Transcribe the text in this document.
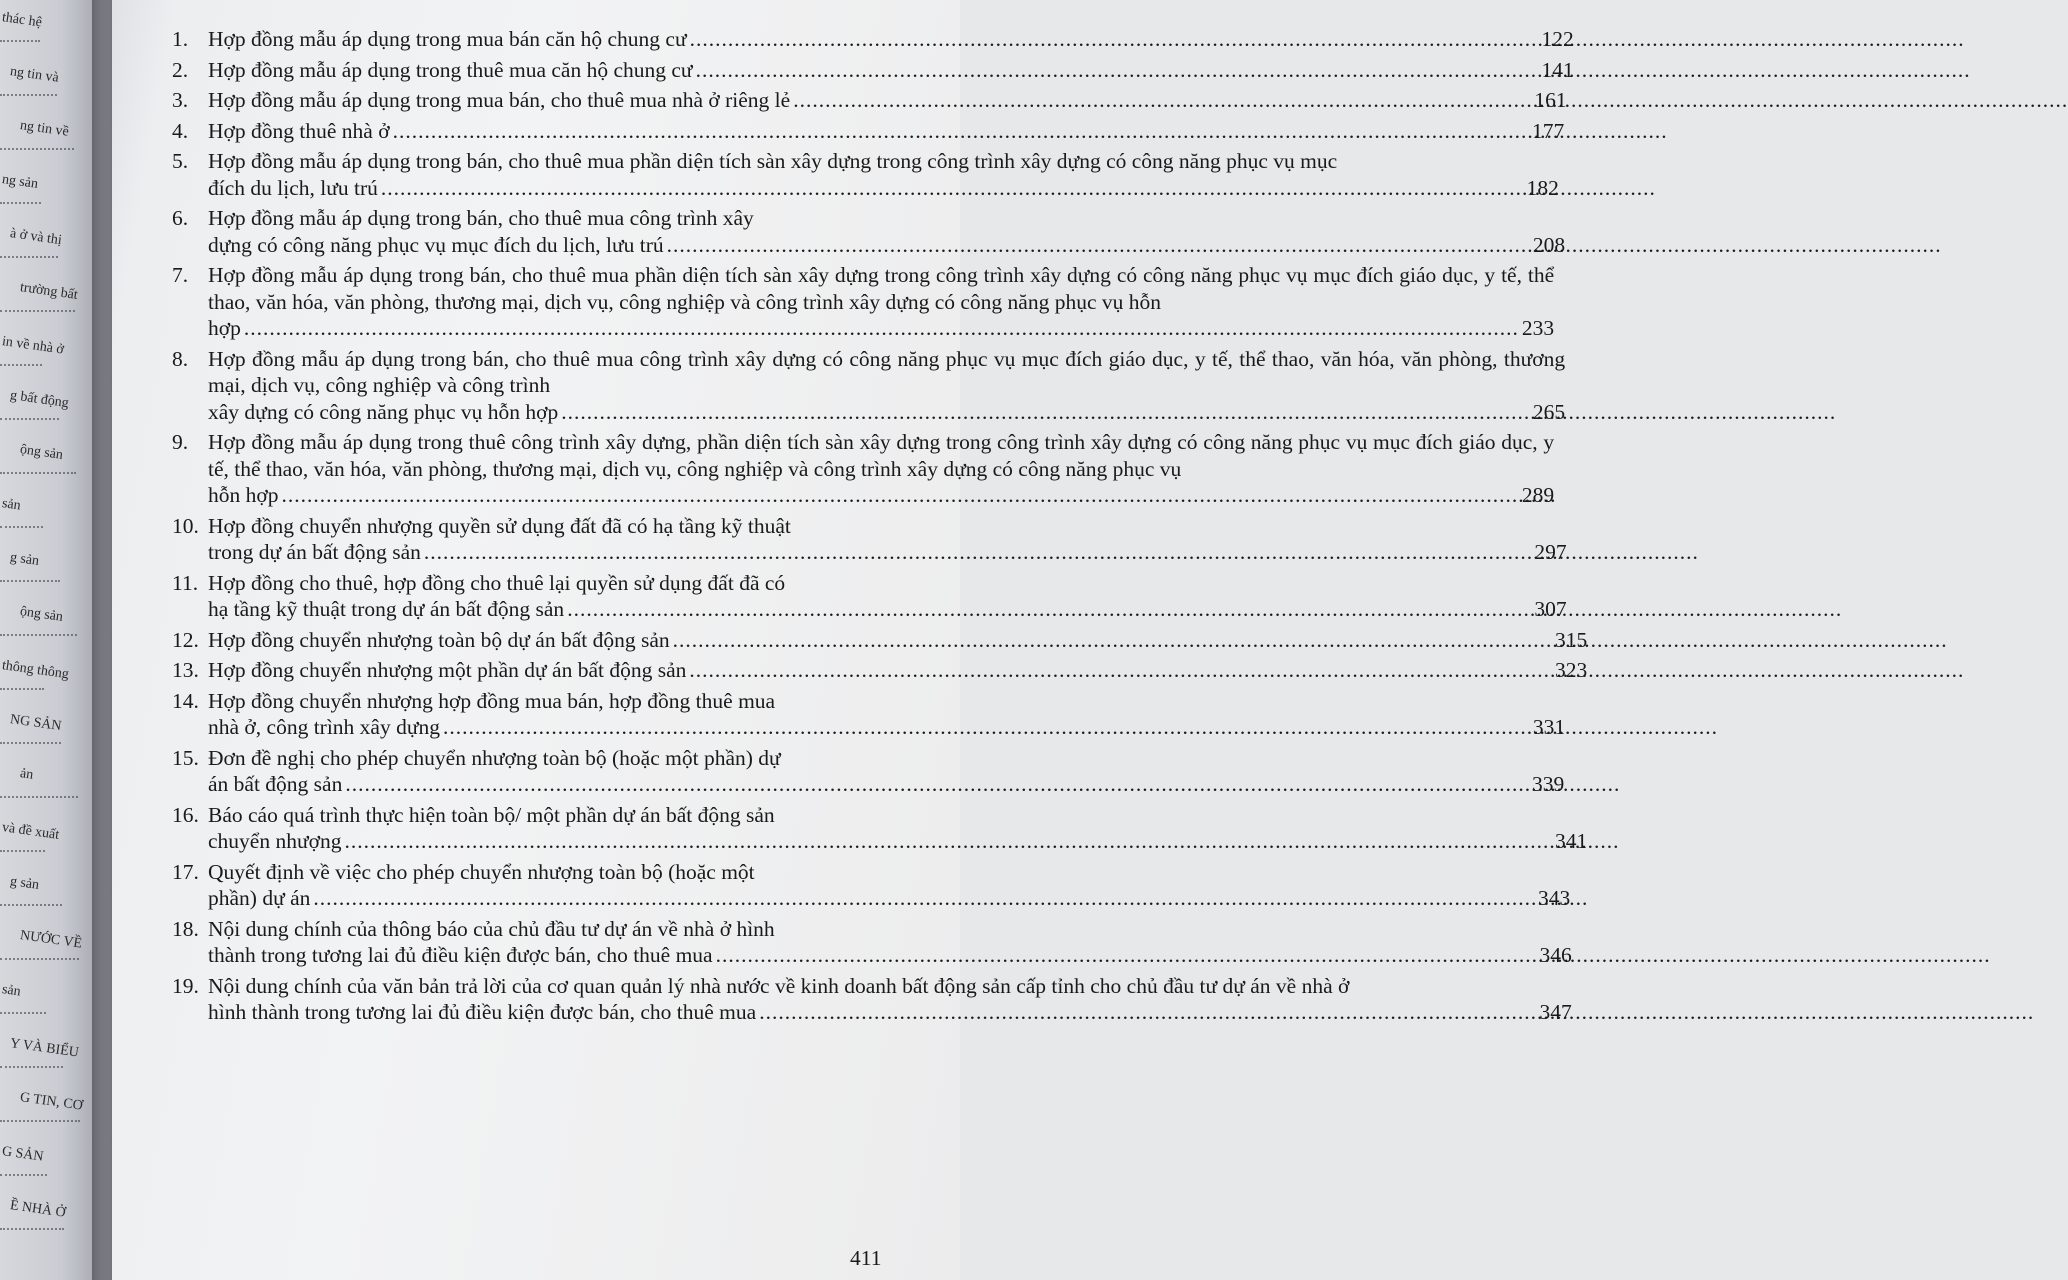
thác hệ
ng tin và
ng tin về
ng sản
à ở và thị
trường bất
in về nhà ở
g bất động
ộng sản
sản
g sản
ộng sản
thông thông
NG SẢN
ản
và đề xuất
g sản
NƯỚC VỀ
sản
Y VÀ BIỂU
G TIN, CƠ
G SẢN
Ề NHÀ Ở
1. Hợp đồng mẫu áp dụng trong mua bán căn hộ chung cư .....	122
2. Hợp đồng mẫu áp dụng trong thuê mua căn hộ chung cư .....	141
3. Hợp đồng mẫu áp dụng trong mua bán, cho thuê mua nhà ở riêng lẻ .....	161
4. Hợp đồng thuê nhà ở .....	177
5. Hợp đồng mẫu áp dụng trong bán, cho thuê mua phần diện tích sàn xây dựng trong công trình xây dựng có công năng phục vụ mục
đích du lịch, lưu trú .....	182
6. Hợp đồng mẫu áp dụng trong bán, cho thuê mua công trình xây
dựng có công năng phục vụ mục đích du lịch, lưu trú .....	208
7. Hợp đồng mẫu áp dụng trong bán, cho thuê mua phần diện tích sàn xây dựng trong công trình xây dựng có công năng phục vụ mục đích giáo dục, y tế, thể thao, văn hóa, văn phòng, thương mại, dịch vụ, công nghiệp và công trình xây dựng có công năng phục vụ hỗn
hợp .....	233
8. Hợp đồng mẫu áp dụng trong bán, cho thuê mua công trình xây dựng có công năng phục vụ mục đích giáo dục, y tế, thể thao, văn hóa, văn phòng, thương mại, dịch vụ, công nghiệp và công trình
xây dựng có công năng phục vụ hỗn hợp .....	265
9. Hợp đồng mẫu áp dụng trong thuê công trình xây dựng, phần diện tích sàn xây dựng trong công trình xây dựng có công năng phục vụ mục đích giáo dục, y tế, thể thao, văn hóa, văn phòng, thương mại, dịch vụ, công nghiệp và công trình xây dựng có công năng phục vụ
hỗn hợp .....	289
10. Hợp đồng chuyển nhượng quyền sử dụng đất đã có hạ tầng kỹ thuật
trong dự án bất động sản .....	297
11. Hợp đồng cho thuê, hợp đồng cho thuê lại quyền sử dụng đất đã có
hạ tầng kỹ thuật trong dự án bất động sản .....	307
12. Hợp đồng chuyển nhượng toàn bộ dự án bất động sản .....	315
13. Hợp đồng chuyển nhượng một phần dự án bất động sản .....	323
14. Hợp đồng chuyển nhượng hợp đồng mua bán, hợp đồng thuê mua
nhà ở, công trình xây dựng .....	331
15. Đơn đề nghị cho phép chuyển nhượng toàn bộ (hoặc một phần) dự
án bất động sản .....	339
16. Báo cáo quá trình thực hiện toàn bộ/ một phần dự án bất động sản
chuyển nhượng .....	341
17. Quyết định về việc cho phép chuyển nhượng toàn bộ (hoặc một
phần) dự án .....	343
18. Nội dung chính của thông báo của chủ đầu tư dự án về nhà ở hình
thành trong tương lai đủ điều kiện được bán, cho thuê mua .....	346
19. Nội dung chính của văn bản trả lời của cơ quan quản lý nhà nước về kinh doanh bất động sản cấp tỉnh cho chủ đầu tư dự án về nhà ở
hình thành trong tương lai đủ điều kiện được bán, cho thuê mua .....	347
411
